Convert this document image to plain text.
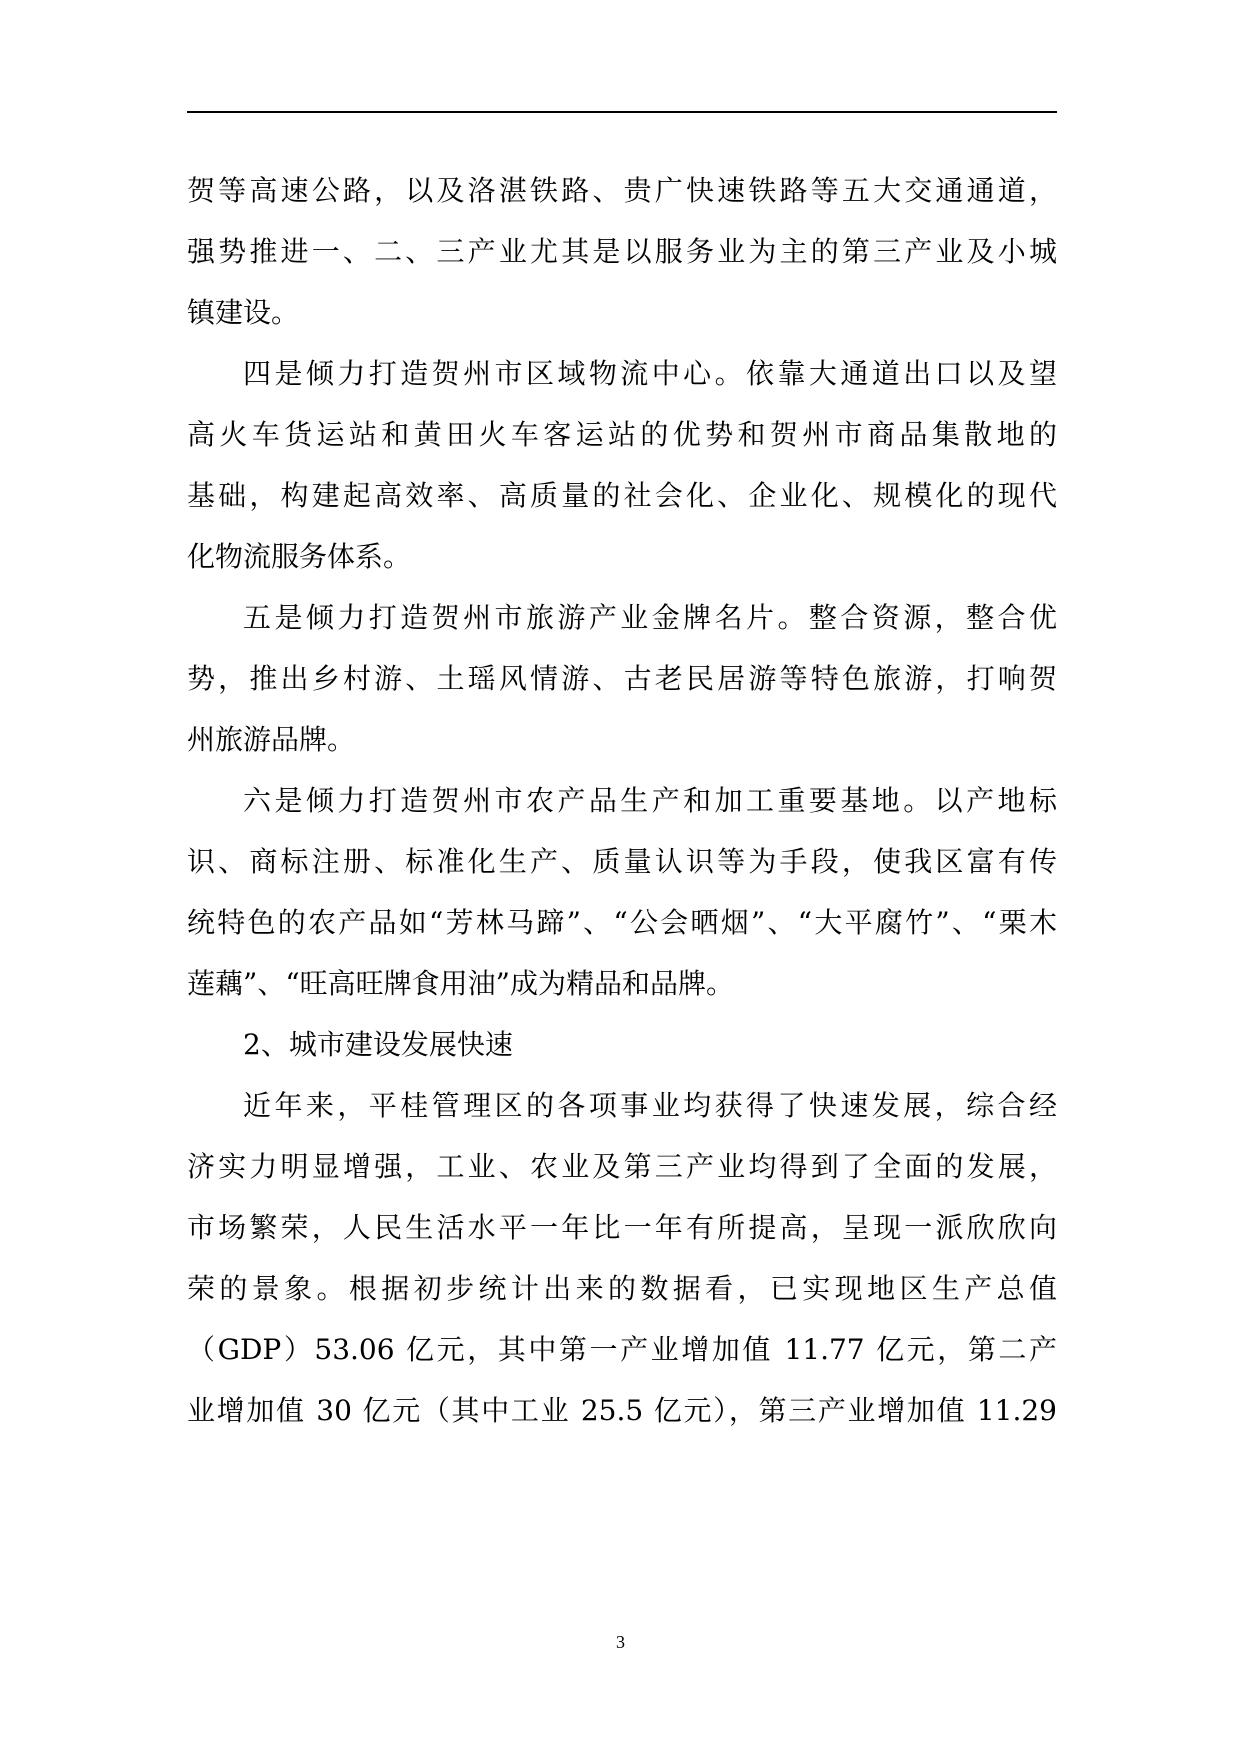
贺等高速公路，以及洛湛铁路、贵广快速铁路等五大交通通道，
强势推进一、二、三产业尤其是以服务业为主的第三产业及小城
镇建设。
四是倾力打造贺州市区域物流中心。依靠大通道出口以及望
高火车货运站和黄田火车客运站的优势和贺州市商品集散地的
基础，构建起高效率、高质量的社会化、企业化、规模化的现代
化物流服务体系。
五是倾力打造贺州市旅游产业金牌名片。整合资源，整合优
势，推出乡村游、土瑶风情游、古老民居游等特色旅游，打响贺
州旅游品牌。
六是倾力打造贺州市农产品生产和加工重要基地。以产地标
识、商标注册、标准化生产、质量认识等为手段，使我区富有传
统特色的农产品如“芳林马蹄”、“公会晒烟”、“大平腐竹”、“栗木
莲藕”、“旺高旺牌食用油”成为精品和品牌。
2、城市建设发展快速
近年来，平桂管理区的各项事业均获得了快速发展，综合经
济实力明显增强，工业、农业及第三产业均得到了全面的发展，
市场繁荣，人民生活水平一年比一年有所提高，呈现一派欣欣向
荣的景象。根据初步统计出来的数据看，已实现地区生产总值
（GDP）53.06 亿元，其中第一产业增加值 11.77 亿元，第二产
业增加值 30 亿元（其中工业 25.5 亿元），第三产业增加值 11.29
3
